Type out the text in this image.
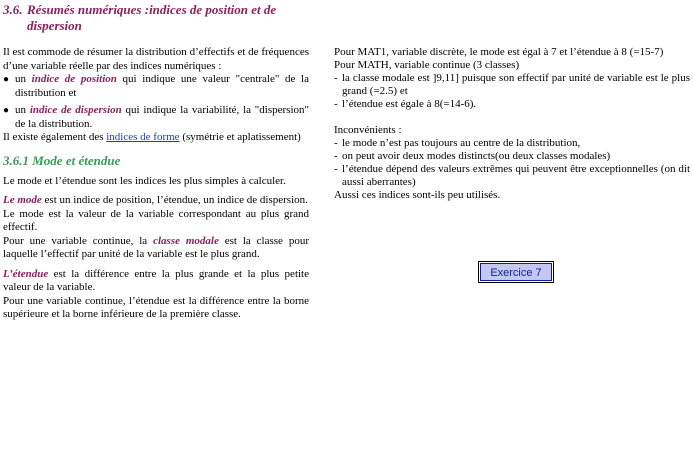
3.6. Résumés numériques :indices de position et de
dispersion

Il est commode de résumer la distribution d’effectifs et de fréquences d’une variable réelle par des indices numériques :

● un indice de position qui indique une valeur "centrale" de la distribution et
● un indice de dispersion qui indique la variabilité, la "dispersion" de la distribution.

Il existe également des indices de forme (symétrie et aplatissement)

3.6.1 Mode et étendue

Le mode et l’étendue sont les indices les plus simples à calculer.

Le mode est un indice de position, l’étendue, un indice de dispersion.

Le mode est la valeur de la variable correspondant au plus grand effectif.

Pour une variable continue, la classe modale est la classe pour laquelle l’effectif par unité de la variable est le plus grand.

L’étendue est la différence entre la plus grande et la plus petite valeur de la variable.

Pour une variable continue, l’étendue est la différence entre la borne supérieure et la borne inférieure de la première classe.

Pour MAT1, variable discrète, le mode est égal à 7 et l’étendue à 8 (=15-7)

Pour MATH, variable continue (3 classes)

- la classe modale est ]9,11] puisque son effectif par unité de variable est le plus grand (=2.5) et
- l’étendue est égale à 8(=14-6).

Inconvénients :

- le mode n’est pas toujours au centre de la distribution,
- on peut avoir deux modes distincts(ou deux classes modales)
- l’étendue dépend des valeurs extrêmes qui peuvent être exceptionnelles (on dit aussi aberrantes)

Aussi ces indices sont-ils peu utilisés.

Exercice 7
